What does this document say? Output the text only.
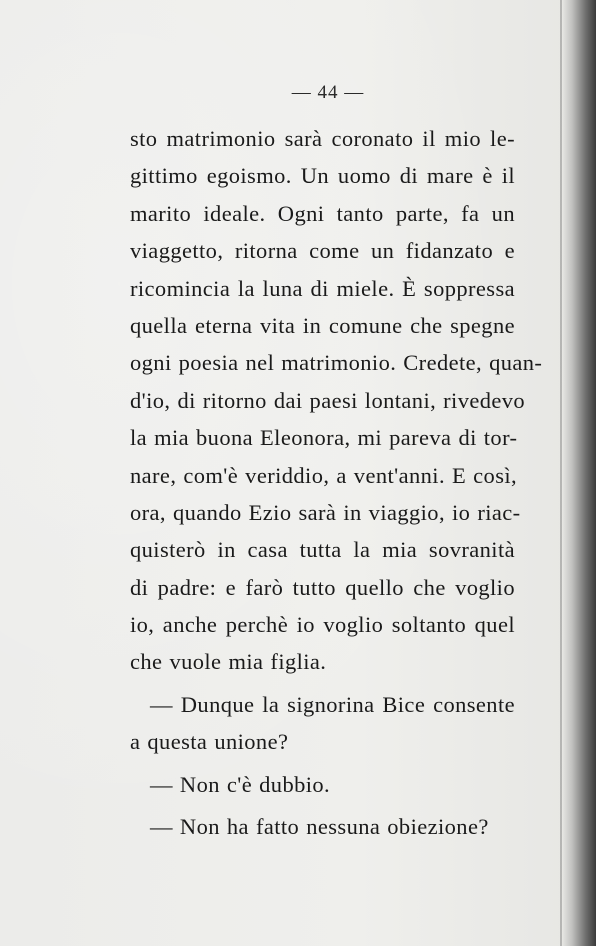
— 44 —
sto matrimonio sarà coronato il mio le-
gittimo egoismo. Un uomo di mare è il
marito ideale. Ogni tanto parte, fa un
viaggetto, ritorna come un fidanzato e
ricomincia la luna di miele. È soppressa
quella eterna vita in comune che spegne
ogni poesia nel matrimonio. Credete, quan-
d'io, di ritorno dai paesi lontani, rivedevo
la mia buona Eleonora, mi pareva di tor-
nare, com'è veriddio, a vent'anni. E così,
ora, quando Ezio sarà in viaggio, io riac-
quisterò in casa tutta la mia sovranità
di padre: e farò tutto quello che voglio
io, anche perchè io voglio soltanto quel
che vuole mia figlia.
— Dunque la signorina Bice consente
a questa unione?
— Non c'è dubbio.
— Non ha fatto nessuna obiezione?
